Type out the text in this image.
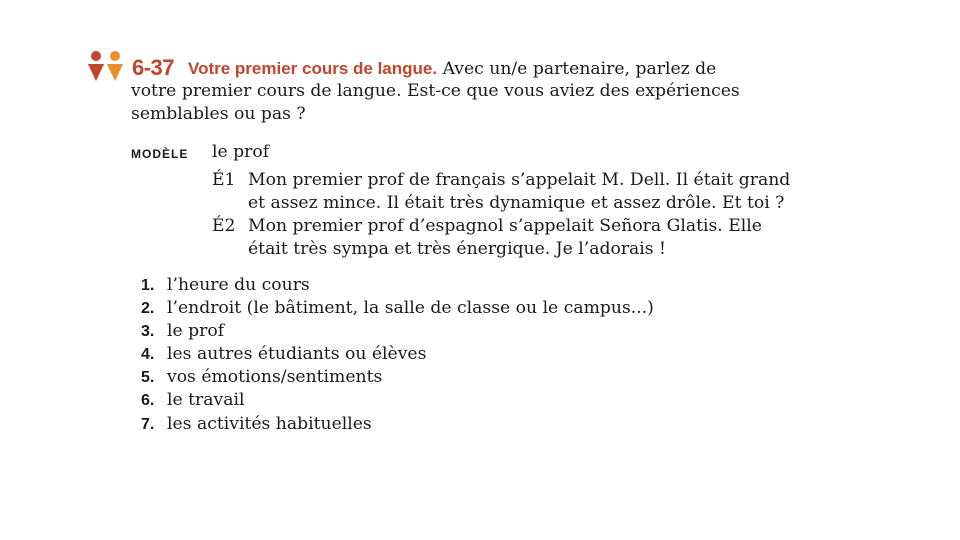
6-37 Votre premier cours de langue. Avec un/e partenaire, parlez de
votre premier cours de langue. Est-ce que vous aviez des expériences
semblables ou pas ?
MODÈLE le prof
É1 Mon premier prof de français s’appelait M. Dell. Il était grand
et assez mince. Il était très dynamique et assez drôle. Et toi ?
É2 Mon premier prof d’espagnol s’appelait Señora Glatis. Elle
était très sympa et très énergique. Je l’adorais !
1. l’heure du cours
2. l’endroit (le bâtiment, la salle de classe ou le campus...)
3. le prof
4. les autres étudiants ou élèves
5. vos émotions/sentiments
6. le travail
7. les activités habituelles
